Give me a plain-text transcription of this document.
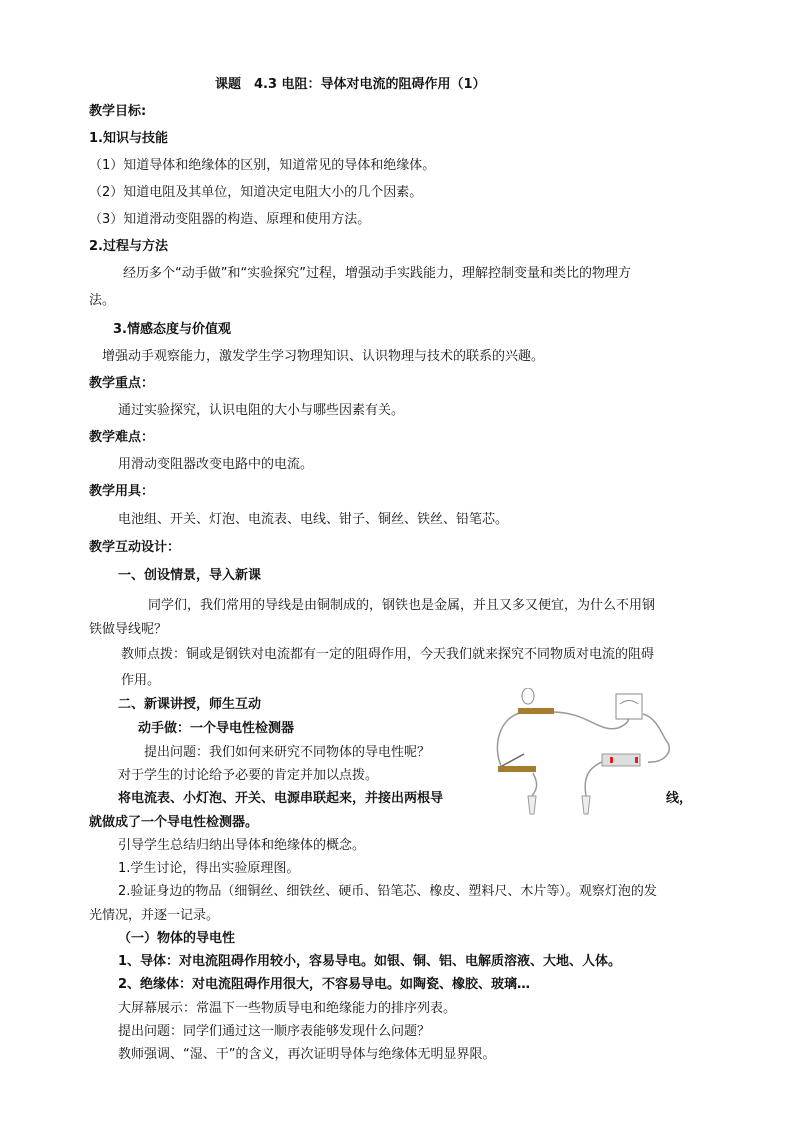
课题　4.3 电阻：导体对电流的阻碍作用（1）
教学目标:
1.知识与技能
（1）知道导体和绝缘体的区别，知道常见的导体和绝缘体。
（2）知道电阻及其单位，知道决定电阻大小的几个因素。
（3）知道滑动变阻器的构造、原理和使用方法。
2.过程与方法
经历多个“动手做”和“实验探究”过程，增强动手实践能力，理解控制变量和类比的物理方
法。
3.情感态度与价值观
增强动手观察能力，激发学生学习物理知识、认识物理与技术的联系的兴趣。
教学重点：
通过实验探究，认识电阻的大小与哪些因素有关。
教学难点：
用滑动变阻器改变电路中的电流。
教学用具：
电池组、开关、灯泡、电流表、电线、钳子、铜丝、铁丝、铅笔芯。
教学互动设计：
一、创设情景，导入新课
同学们，我们常用的导线是由铜制成的，钢铁也是金属，并且又多又便宜，为什么不用钢
铁做导线呢？
教师点拨：铜或是钢铁对电流都有一定的阻碍作用，今天我们就来探究不同物质对电流的阻碍
作用。
二、新课讲授，师生互动
动手做：一个导电性检测器
提出问题：我们如何来研究不同物体的导电性呢？
对于学生的讨论给予必要的肯定并加以点拨。
将电流表、小灯泡、开关、电源串联起来，并接出两根导	线，
就做成了一个导电性检测器。
引导学生总结归纳出导体和绝缘体的概念。
1.学生讨论，得出实验原理图。
2.验证身边的物品（细铜丝、细铁丝、硬币、铅笔芯、橡皮、塑料尺、木片等）。观察灯泡的发
光情况，并逐一记录。
（一）物体的导电性
1、导体：对电流阻碍作用较小，容易导电。如银、铜、铝、电解质溶液、大地、人体。
2、绝缘体：对电流阻碍作用很大，不容易导电。如陶瓷、橡胶、玻璃…
大屏幕展示：常温下一些物质导电和绝缘能力的排序列表。
提出问题：同学们通过这一顺序表能够发现什么问题？
教师强调、“湿、干”的含义，再次证明导体与绝缘体无明显界限。
